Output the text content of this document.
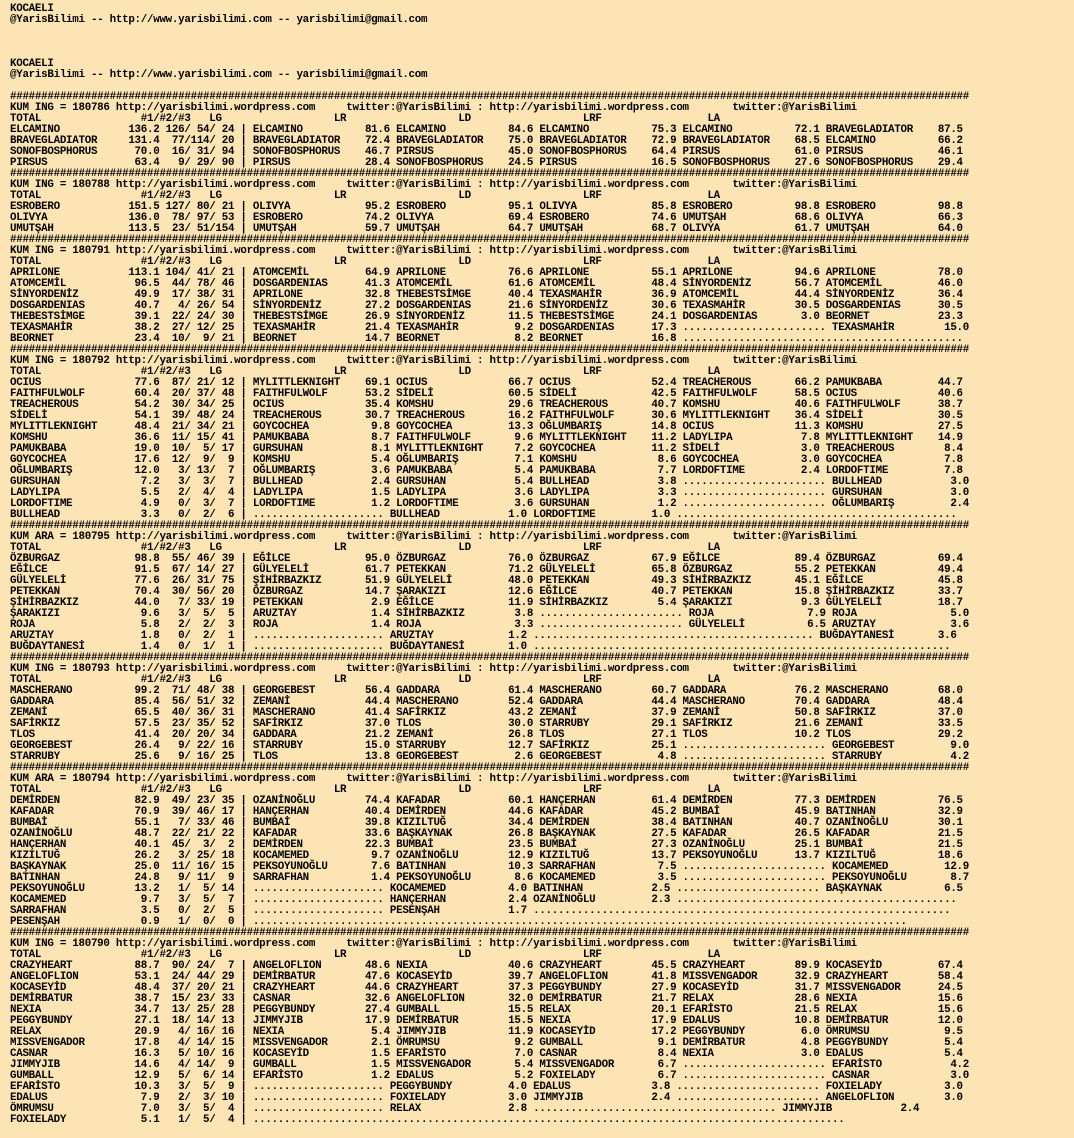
KOCAELI
@YarisBilimi -- http://www.yarisbilimi.com -- yarisbilimi@gmail.com

KOCAELI
@YarisBilimi -- http://www.yarisbilimi.com -- yarisbilimi@gmail.com

##########################################################################################################################################################
KUM ING = 180786 http://yarisbilimi.wordpress.com     twitter:@YarisBilimi : http://yarisbilimi.wordpress.com       twitter:@YarisBilimi
TOTAL                #1/#2/#3   LG                  LR                  LD                  LRF                 LA
ELCAMINO           136.2 126/ 54/ 24 | ELCAMINO          81.6 ELCAMINO          84.6 ELCAMINO          75.3 ELCAMINO          72.1 BRAVEGLADIATOR    87.5
BRAVEGLADIATOR     131.4  77/114/ 20 | BRAVEGLADIATOR    72.4 BRAVEGLADIATOR    75.0 BRAVEGLADIATOR    72.9 BRAVEGLADIATOR    68.5 ELCAMINO          66.2
SONOFBOSPHORUS      70.0  16/ 31/ 94 | SONOFBOSPHORUS    46.7 PIRSUS            45.0 SONOFBOSPHORUS    64.4 PIRSUS            61.0 PIRSUS            46.1
PIRSUS              63.4   9/ 29/ 90 | PIRSUS            28.4 SONOFBOSPHORUS    24.5 PIRSUS            16.5 SONOFBOSPHORUS    27.6 SONOFBOSPHORUS    29.4
##########################################################################################################################################################
KUM ING = 180788 http://yarisbilimi.wordpress.com     twitter:@YarisBilimi : http://yarisbilimi.wordpress.com       twitter:@YarisBilimi
TOTAL                #1/#2/#3   LG                  LR                  LD                  LRF                 LA
ESROBERO           151.5 127/ 80/ 21 | OLIVYA            95.2 ESROBERO          95.1 OLIVYA            85.8 ESROBERO          98.8 ESROBERO          98.8
OLIVYA             136.0  78/ 97/ 53 | ESROBERO          74.2 OLIVYA            69.4 ESROBERO          74.6 UMUTŞAH           68.6 OLIVYA            66.3
UMUTŞAH            113.5  23/ 51/154 | UMUTŞAH           59.7 UMUTŞAH           64.7 UMUTŞAH           68.7 OLIVYA            61.7 UMUTŞAH           64.0
##########################################################################################################################################################
KUM ING = 180791 http://yarisbilimi.wordpress.com     twitter:@YarisBilimi : http://yarisbilimi.wordpress.com       twitter:@YarisBilimi
TOTAL                #1/#2/#3   LG                  LR                  LD                  LRF                 LA
APRILONE           113.1 104/ 41/ 21 | ATOMCEMİL         64.9 APRILONE          76.6 APRILONE          55.1 APRILONE          94.6 APRILONE          78.0
ATOMCEMİL           96.5  44/ 78/ 46 | DOSGARDENIAS      41.3 ATOMCEMİL         61.6 ATOMCEMİL         48.4 SİNYORDENİZ       56.7 ATOMCEMİL         46.0
SİNYORDENİZ         49.9  17/ 38/ 31 | APRILONE          32.8 THEBESTSİMGE      40.4 TEXASMAHİR        36.9 ATOMCEMİL         44.4 SİNYORDENİZ       36.4
DOSGARDENIAS        40.7   4/ 26/ 54 | SİNYORDENİZ       27.2 DOSGARDENIAS      21.6 SİNYORDENİZ       30.6 TEXASMAHİR        30.5 DOSGARDENIAS      30.5
THEBESTSİMGE        39.1  22/ 24/ 30 | THEBESTSİMGE      26.9 SİNYORDENİZ       11.5 THEBESTSİMGE      24.1 DOSGARDENIAS       3.0 BEORNET           23.3
TEXASMAHİR          38.2  27/ 12/ 25 | TEXASMAHİR        21.4 TEXASMAHİR         9.2 DOSGARDENIAS      17.3 ....................... TEXASMAHİR        15.0
BEORNET             23.4  10/  9/ 21 | BEORNET           14.7 BEORNET            8.2 BEORNET           16.8 .............................................
##########################################################################################################################################################
KUM ING = 180792 http://yarisbilimi.wordpress.com     twitter:@YarisBilimi : http://yarisbilimi.wordpress.com       twitter:@YarisBilimi
TOTAL                #1/#2/#3   LG                  LR                  LD                  LRF                 LA
OCIUS               77.6  87/ 21/ 12 | MYLITTLEKNIGHT    69.1 OCIUS             66.7 OCIUS             52.4 TREACHEROUS       66.2 PAMUKBABA         44.7
FAITHFULWOLF        60.4  20/ 37/ 48 | FAITHFULWOLF      53.2 SİDELİ            60.5 SİDELİ            42.5 FAITHFULWOLF      58.5 OCIUS             40.6
TREACHEROUS         54.2  30/ 34/ 25 | OCIUS             35.4 KOMSHU            29.6 TREACHEROUS       40.7 KOMSHU            40.6 FAITHFULWOLF      38.7
SİDELİ              54.1  39/ 48/ 24 | TREACHEROUS       30.7 TREACHEROUS       16.2 FAITHFULWOLF      30.6 MYLITTLEKNIGHT    36.4 SİDELİ            30.5
MYLITTLEKNIGHT      48.4  21/ 34/ 21 | GOYCOCHEA          9.8 GOYCOCHEA         13.3 OĞLUMBARIŞ        14.8 OCIUS             11.3 KOMSHU            27.5
KOMSHU              36.6  11/ 15/ 41 | PAMUKBABA          8.7 FAITHFULWOLF       9.6 MYLITTLEKNIGHT    11.2 LADYLIPA           7.8 MYLITTLEKNIGHT    14.9
PAMUKBABA           19.0  10/  5/ 17 | GURSUHAN           8.1 MYLITTLEKNIGHT     7.2 GOYCOCHEA         11.2 SİDELİ             3.0 TREACHEROUS        8.4
GOYCOCHEA           17.6  12/  9/  9 | KOMSHU             5.4 OĞLUMBARIŞ         7.1 KOMSHU             8.6 GOYCOCHEA          3.0 GOYCOCHEA          7.8
OĞLUMBARIŞ          12.0   3/ 13/  7 | OĞLUMBARIŞ         3.6 PAMUKBABA          5.4 PAMUKBABA          7.7 LORDOFTIME         2.4 LORDOFTIME         7.8
GURSUHAN             7.2   3/  3/  7 | BULLHEAD           2.4 GURSUHAN           5.4 BULLHEAD           3.8 ....................... BULLHEAD           3.0
LADYLIPA             5.5   2/  4/  4 | LADYLIPA           1.5 LADYLIPA           3.6 LADYLIPA           3.3 ....................... GURSUHAN           3.0
LORDOFTIME           4.9   0/  3/  7 | LORDOFTIME         1.2 LORDOFTIME         3.6 GURSUHAN           1.2 ....................... OĞLUMBARIŞ         2.4
BULLHEAD             3.3   0/  2/  6 | ..................... BULLHEAD           1.0 LORDOFTIME         1.0 .............................................
##########################################################################################################################################################
KUM ARA = 180795 http://yarisbilimi.wordpress.com     twitter:@YarisBilimi : http://yarisbilimi.wordpress.com       twitter:@YarisBilimi
TOTAL                #1/#2/#3   LG                  LR                  LD                  LRF                 LA
ÖZBURGAZ            98.8  55/ 46/ 39 | EĞİLCE            95.0 ÖZBURGAZ          76.0 ÖZBURGAZ          67.9 EĞİLCE            89.4 ÖZBURGAZ          69.4
EĞİLCE              91.5  67/ 14/ 27 | GÜLYELELİ         61.7 PETEKKAN          71.2 GÜLYELELİ         65.8 ÖZBURGAZ          55.2 PETEKKAN          49.4
GÜLYELELİ           77.6  26/ 31/ 75 | ŞİHİRBAZKIZ       51.9 GÜLYELELİ         48.0 PETEKKAN          49.3 SİHİRBAZKIZ       45.1 EĞİLCE            45.8
PETEKKAN            70.4  30/ 56/ 20 | ÖZBURGAZ          14.7 ŞARAKIZI          12.6 EĞİLCE            40.7 PETEKKAN          15.8 ŞİHİRBAZKIZ       33.7
ŞİHİRBAZKIZ         44.0   7/ 33/ 19 | PETEKKAN           2.9 EĞİLCE            11.9 SİHİRBAZKIZ        5.4 ŞARAKIZI           9.3 GÜLYELELİ         18.7
ŞARAKIZI             9.6   3/  5/  5 | ARUZTAY            1.4 SİHİRBAZKIZ        3.8 ....................... ROJA               7.9 ROJA               5.0
ROJA                 5.8   2/  2/  3 | ROJA               1.4 ROJA               3.3 ....................... GÜLYELELİ          6.5 ARUZTAY            3.6
ARUZTAY              1.8   0/  2/  1 | ..................... ARUZTAY            1.2 ............................................. BUĞDAYTANESİ       3.6
BUĞDAYTANESİ         1.4   0/  1/  1 | ..................... BUĞDAYTANESİ       1.0 ...................................................................
##########################################################################################################################################################
KUM ING = 180793 http://yarisbilimi.wordpress.com     twitter:@YarisBilimi : http://yarisbilimi.wordpress.com       twitter:@YarisBilimi
TOTAL                #1/#2/#3   LG                  LR                  LD                  LRF                 LA
MASCHERANO          99.2  71/ 48/ 38 | GEORGEBEST        56.4 GADDARA           61.4 MASCHERANO        60.7 GADDARA           76.2 MASCHERANO        68.0
GADDARA             85.4  56/ 51/ 32 | ZEMANİ            44.4 MASCHERANO        52.4 GADDARA           44.4 MASCHERANO        70.4 GADDARA           48.4
ZEMANİ              65.5  40/ 36/ 31 | MASCHERANO        41.4 SAFİRKIZ          43.2 ZEMANİ            37.9 ZEMANİ            50.8 SAFİRKIZ          37.0
SAFİRKIZ            57.5  23/ 35/ 52 | SAFİRKIZ          37.0 TLOS              30.0 STARRUBY          29.1 SAFİRKIZ          21.6 ZEMANİ            33.5
TLOS                41.4  20/ 20/ 34 | GADDARA           21.2 ZEMANİ            26.8 TLOS              27.1 TLOS              10.2 TLOS              29.2
GEORGEBEST          26.4   9/ 22/ 16 | STARRUBY          15.0 STARRUBY          12.7 SAFİRKIZ          25.1 ....................... GEORGEBEST         9.0
STARRUBY            25.6   9/ 16/ 25 | TLOS              13.8 GEORGEBEST         2.6 GEORGEBEST         4.8 ....................... STARRUBY           4.2
##########################################################################################################################################################
KUM ARA = 180794 http://yarisbilimi.wordpress.com     twitter:@YarisBilimi : http://yarisbilimi.wordpress.com       twitter:@YarisBilimi
TOTAL                #1/#2/#3   LG                  LR                  LD                  LRF                 LA
DEMİRDEN            82.9  49/ 23/ 35 | OZANİNOĞLU        74.4 KAFADAR           60.1 HANÇERHAN         61.4 DEMİRDEN          77.3 DEMİRDEN          76.5
KAFADAR             70.9  39/ 46/ 17 | HANÇERHAN         40.4 DEMİRDEN          44.6 KAFADAR           45.2 BUMBAİ            45.9 BATINHAN          32.9
BUMBAİ              55.1   7/ 33/ 46 | BUMBAİ            39.8 KIZILTUĞ          34.4 DEMİRDEN          38.4 BATINHAN          40.7 OZANİNOĞLU        30.1
OZANİNOĞLU          48.7  22/ 21/ 22 | KAFADAR           33.6 BAŞKAYNAK         26.8 BAŞKAYNAK         27.5 KAFADAR           26.5 KAFADAR           21.5
HANÇERHAN           40.1  45/  3/  2 | DEMİRDEN          22.3 BUMBAİ            23.5 BUMBAİ            27.3 OZANİNOĞLU        25.1 BUMBAİ            21.5
KIZILTUĞ            26.2   3/ 25/ 18 | KOCAMEMED          9.7 OZANİNOĞLU        12.9 KIZILTUĞ          13.7 PEKSOYUNOĞLU      13.7 KIZILTUĞ          18.6
BAŞKAYNAK           25.0  11/ 16/ 15 | PEKSOYUNOĞLU       7.6 BATINHAN          10.3 SARRAFHAN          7.5 ....................... KOCAMEMED         12.9
BATINHAN            24.8   9/ 11/  9 | SARRAFHAN          1.4 PEKSOYUNOĞLU       8.6 KOCAMEMED          3.5 ....................... PEKSOYUNOĞLU       8.7
PEKSOYUNOĞLU        13.2   1/  5/ 14 | ..................... KOCAMEMED          4.0 BATINHAN           2.5 ....................... BAŞKAYNAK          6.5
KOCAMEMED            9.7   3/  5/  7 | ..................... HANÇERHAN          2.4 OZANİNOĞLU         2.3 .............................................
SARRAFHAN            3.5   0/  2/  5 | ..................... PESENŞAH           1.7 ...................................................................
PESENŞAH             0.9   1/  0/  0 | .........................................................................................................
##########################################################################################################################################################
KUM ING = 180790 http://yarisbilimi.wordpress.com     twitter:@YarisBilimi : http://yarisbilimi.wordpress.com       twitter:@YarisBilimi
TOTAL                #1/#2/#3   LG                  LR                  LD                  LRF                 LA
CRAZYHEART          88.7  90/ 24/  7 | ANGELOFLION       48.6 NEXIA             40.6 CRAZYHEART        45.5 CRAZYHEART        89.9 KOCASEYİD         67.4
ANGELOFLION         53.1  24/ 44/ 29 | DEMİRBATUR        47.6 KOCASEYİD         39.7 ANGELOFLION       41.8 MISSVENGADOR      32.9 CRAZYHEART        58.4
KOCASEYİD           48.4  37/ 20/ 21 | CRAZYHEART        44.6 CRAZYHEART        37.3 PEGGYBUNDY        27.9 KOCASEYİD         31.7 MISSVENGADOR      24.5
DEMİRBATUR          38.7  15/ 23/ 33 | CASNAR            32.6 ANGELOFLION       32.0 DEMİRBATUR        21.7 RELAX             28.6 NEXIA             15.6
NEXIA               34.7  13/ 25/ 28 | PEGGYBUNDY        27.4 GUMBALL           15.5 RELAX             20.1 EFARİSTO          21.5 RELAX             15.6
PEGGYBUNDY          27.1  18/ 14/ 13 | JIMMYJIB          17.9 DEMİRBATUR        15.5 NEXIA             17.9 EDALUS            10.8 DEMİRBATUR        12.0
RELAX               20.9   4/ 16/ 16 | NEXIA              5.4 JIMMYJIB          11.9 KOCASEYİD         17.2 PEGGYBUNDY         6.0 ÖMRUMSU            9.5
MISSVENGADOR        17.8   4/ 14/ 15 | MISSVENGADOR       2.1 ÖMRUMSU            9.2 GUMBALL            9.1 DEMİRBATUR         4.8 PEGGYBUNDY         5.4
CASNAR              16.3   5/ 10/ 16 | KOCASEYİD          1.5 EFARİSTO           7.0 CASNAR             8.4 NEXIA              3.0 EDALUS             5.4
JIMMYJIB            14.6   4/ 14/  9 | GUMBALL            1.5 MISSVENGADOR       5.4 MISSVENGADOR       6.7 ....................... EFARİSTO           4.2
GUMBALL             12.9   5/  6/ 14 | EFARİSTO           1.2 EDALUS             5.2 FOXIELADY          6.7 ....................... CASNAR             3.0
EFARİSTO            10.3   3/  5/  9 | ..................... PEGGYBUNDY         4.0 EDALUS             3.8 ....................... FOXIELADY          3.0
EDALUS               7.9   2/  3/ 10 | ..................... FOXIELADY          3.0 JIMMYJIB           2.4 ....................... ANGELOFLION        3.0
ÖMRUMSU              7.0   3/  5/  4 | ..................... RELAX              2.8 ....................................... JIMMYJIB           2.4
FOXIELADY            5.1   1/  5/  4 | ...............................................................................................
